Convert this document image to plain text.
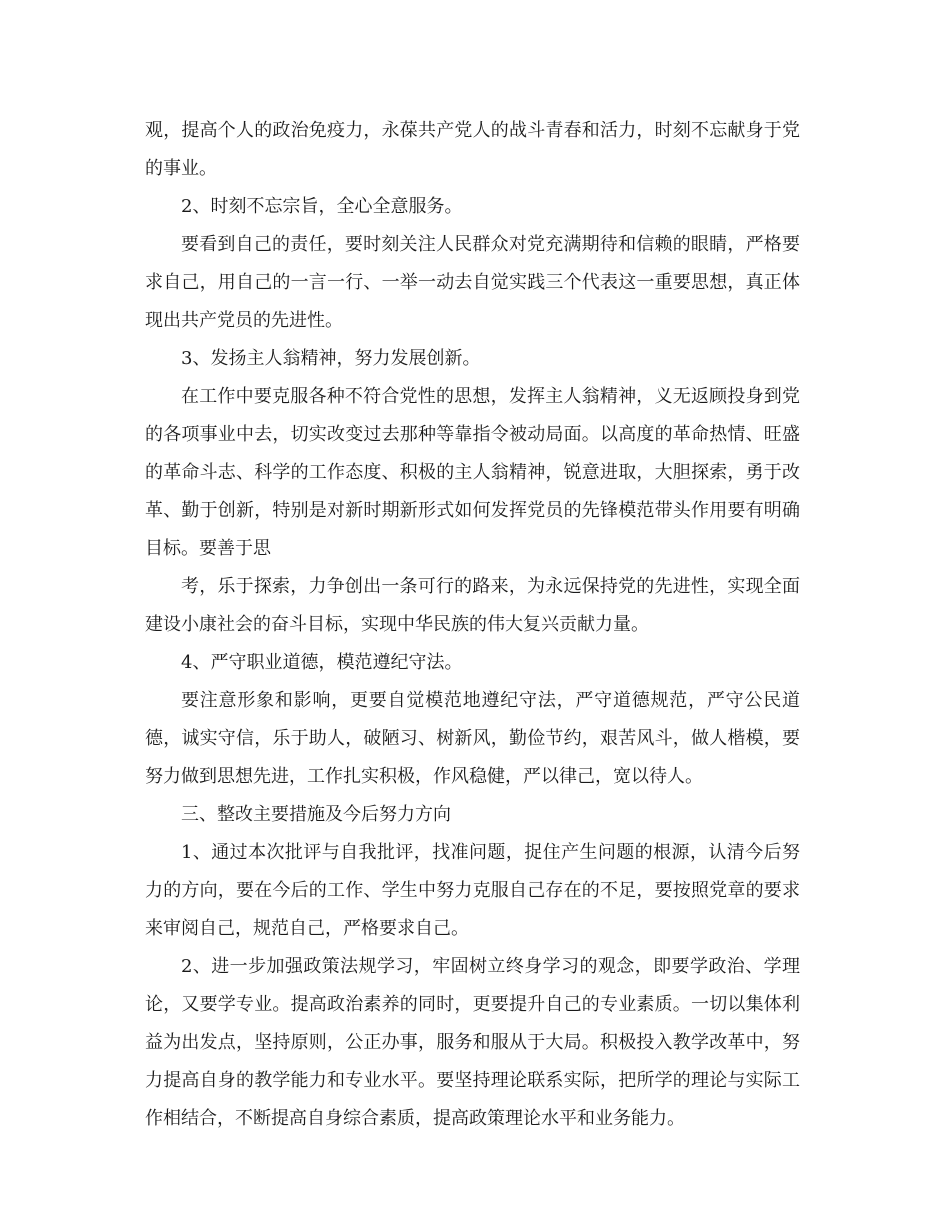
观，提高个人的政治免疫力，永葆共产党人的战斗青春和活力，时刻不忘献身于党的事业。

2、时刻不忘宗旨，全心全意服务。

要看到自己的责任，要时刻关注人民群众对党充满期待和信赖的眼睛，严格要求自己，用自己的一言一行、一举一动去自觉实践三个代表这一重要思想，真正体现出共产党员的先进性。

3、发扬主人翁精神，努力发展创新。

在工作中要克服各种不符合党性的思想，发挥主人翁精神，义无返顾投身到党的各项事业中去，切实改变过去那种等靠指令被动局面。以高度的革命热情、旺盛的革命斗志、科学的工作态度、积极的主人翁精神，锐意进取，大胆探索，勇于改革、勤于创新，特别是对新时期新形式如何发挥党员的先锋模范带头作用要有明确目标。要善于思

考，乐于探索，力争创出一条可行的路来，为永远保持党的先进性，实现全面建设小康社会的奋斗目标，实现中华民族的伟大复兴贡献力量。

4、严守职业道德，模范遵纪守法。

要注意形象和影响，更要自觉模范地遵纪守法，严守道德规范，严守公民道德，诚实守信，乐于助人，破陋习、树新风，勤俭节约，艰苦风斗，做人楷模，要努力做到思想先进，工作扎实积极，作风稳健，严以律己，宽以待人。

三、整改主要措施及今后努力方向

1、通过本次批评与自我批评，找准问题，捉住产生问题的根源，认清今后努力的方向，要在今后的工作、学生中努力克服自己存在的不足，要按照党章的要求来审阅自己，规范自己，严格要求自己。

2、进一步加强政策法规学习，牢固树立终身学习的观念，即要学政治、学理论，又要学专业。提高政治素养的同时，更要提升自己的专业素质。一切以集体利益为出发点，坚持原则，公正办事，服务和服从于大局。积极投入教学改革中，努力提高自身的教学能力和专业水平。要坚持理论联系实际，把所学的理论与实际工作相结合，不断提高自身综合素质，提高政策理论水平和业务能力。
